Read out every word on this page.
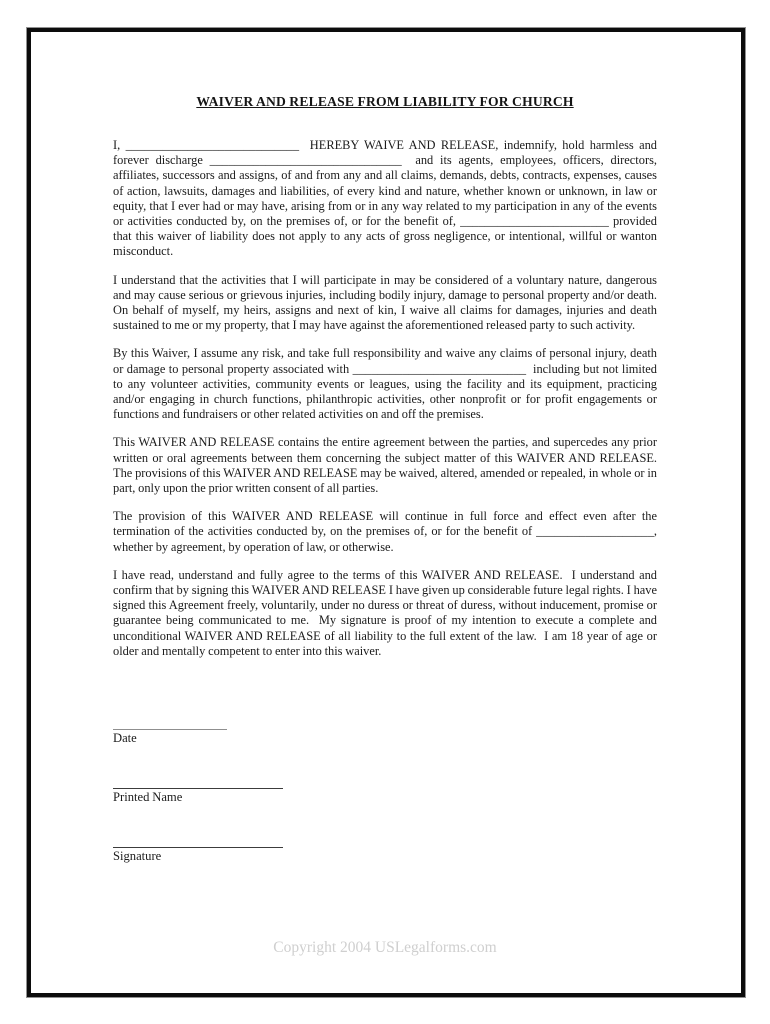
WAIVER AND RELEASE FROM LIABILITY FOR CHURCH

I, ____________________________  HEREBY WAIVE AND RELEASE, indemnify, hold harmless and forever discharge _______________________________  and its agents, employees, officers, directors, affiliates, successors and assigns, of and from any and all claims, demands, debts, contracts, expenses, causes of action, lawsuits, damages and liabilities, of every kind and nature, whether known or unknown, in law or equity, that I ever had or may have, arising from or in any way related to my participation in any of the events or activities conducted by, on the premises of, or for the benefit of, ________________________ provided that this waiver of liability does not apply to any acts of gross negligence, or intentional, willful or wanton misconduct.

I understand that the activities that I will participate in may be considered of a voluntary nature, dangerous and may cause serious or grievous injuries, including bodily injury, damage to personal property and/or death.  On behalf of myself, my heirs, assigns and next of kin, I waive all claims for damages, injuries and death sustained to me or my property, that I may have against the aforementioned released party to such activity.

By this Waiver, I assume any risk, and take full responsibility and waive any claims of personal injury, death or damage to personal property associated with ____________________________  including but not limited to any volunteer activities, community events or leagues, using the facility and its equipment, practicing and/or engaging in church functions, philanthropic activities, other nonprofit or for profit engagements or functions and fundraisers or other related activities on and off the premises.

This WAIVER AND RELEASE contains the entire agreement between the parties, and supercedes any prior written or oral agreements between them concerning the subject matter of this WAIVER AND RELEASE.  The provisions of this WAIVER AND RELEASE may be waived, altered, amended or repealed, in whole or in part, only upon the prior written consent of all parties.

The provision of this WAIVER AND RELEASE will continue in full force and effect even after the termination of the activities conducted by, on the premises of, or for the benefit of ___________________, whether by agreement, by operation of law, or otherwise.

I have read, understand and fully agree to the terms of this WAIVER AND RELEASE.  I understand and confirm that by signing this WAIVER AND RELEASE I have given up considerable future legal rights. I have signed this Agreement freely, voluntarily, under no duress or threat of duress, without inducement, promise or guarantee being communicated to me.  My signature is proof of my intention to execute a complete and unconditional WAIVER AND RELEASE of all liability to the full extent of the law.  I am 18 year of age or older and mentally competent to enter into this waiver.

Date
Printed Name
Signature
Copyright 2004 USLegalforms.com
